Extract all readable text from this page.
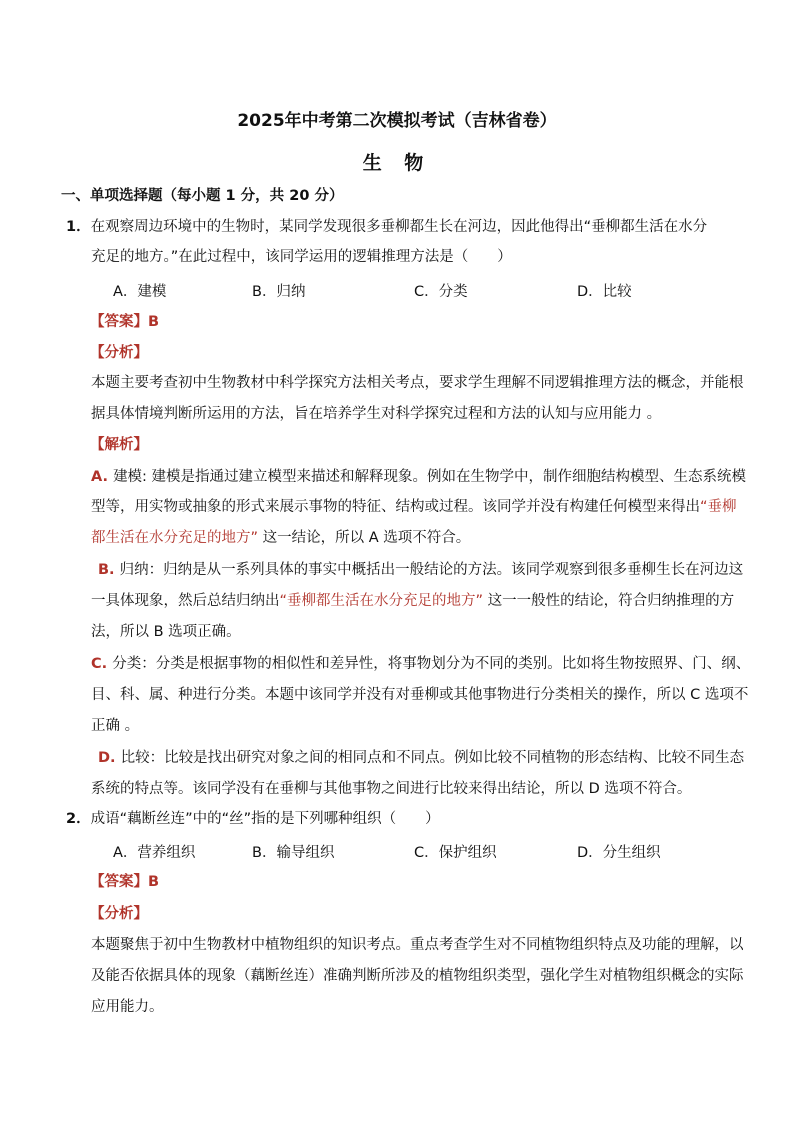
2025年中考第二次模拟考试（吉林省卷）
生 物
一、单项选择题（每小题 1 分，共 20 分）
1．在观察周边环境中的生物时，某同学发现很多垂柳都生长在河边，因此他得出“垂柳都生活在水分
充足的地方。”在此过程中，该同学运用的逻辑推理方法是（　　）
A．建模	B．归纳	C．分类	D．比较
【答案】B
【分析】
本题主要考查初中生物教材中科学探究方法相关考点，要求学生理解不同逻辑推理方法的概念，并能根
据具体情境判断所运用的方法，旨在培养学生对科学探究过程和方法的认知与应用能力 。
【解析】
A. 建模: 建模是指通过建立模型来描述和解释现象。例如在生物学中，制作细胞结构模型、生态系统模
型等，用实物或抽象的形式来展示事物的特征、结构或过程。该同学并没有构建任何模型来得出“垂柳
都生活在水分充足的地方” 这一结论，所以 A 选项不符合。
B. 归纳：归纳是从一系列具体的事实中概括出一般结论的方法。该同学观察到很多垂柳生长在河边这
一具体现象，然后总结归纳出“垂柳都生活在水分充足的地方” 这一一般性的结论，符合归纳推理的方
法，所以 B 选项正确。
C. 分类：分类是根据事物的相似性和差异性，将事物划分为不同的类别。比如将生物按照界、门、纲、
目、科、属、种进行分类。本题中该同学并没有对垂柳或其他事物进行分类相关的操作，所以 C 选项不
正确 。
D. 比较：比较是找出研究对象之间的相同点和不同点。例如比较不同植物的形态结构、比较不同生态
系统的特点等。该同学没有在垂柳与其他事物之间进行比较来得出结论，所以 D 选项不符合。
2．成语“藕断丝连”中的“丝”指的是下列哪种组织（　　）
A．营养组织	B．输导组织	C．保护组织	D．分生组织
【答案】B
【分析】
本题聚焦于初中生物教材中植物组织的知识考点。重点考查学生对不同植物组织特点及功能的理解，以
及能否依据具体的现象（藕断丝连）准确判断所涉及的植物组织类型，强化学生对植物组织概念的实际
应用能力。
